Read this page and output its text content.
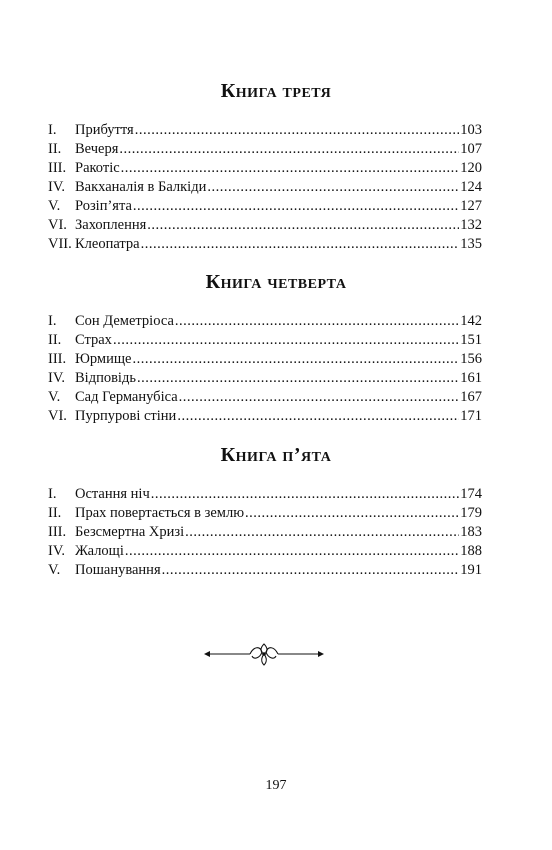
Книга третя
I.	Прибуття .....	103
II. Вечеря .....	107
III. Ракотіс .....	120
IV. Вакханалія в Балкіди .....	124
V.	Розіп’ята .....	127
VI. Захоплення .....	132
VII. Клеопатра .....	135
Книга четверта
I.	Сон Деметріоса .....	142
II. Страх .....	151
III. Юрмище .....	156
IV. Відповідь .....	161
V.	Сад Германубіса .....	167
VI. Пурпурові стіни .....	171
Книга п’ята
I.	Остання ніч .....	174
II. Прах повертається в землю .....	179
III. Безсмертна Хризі .....	183
IV. Жалощі .....	188
V.	Пошанування .....	191
197
